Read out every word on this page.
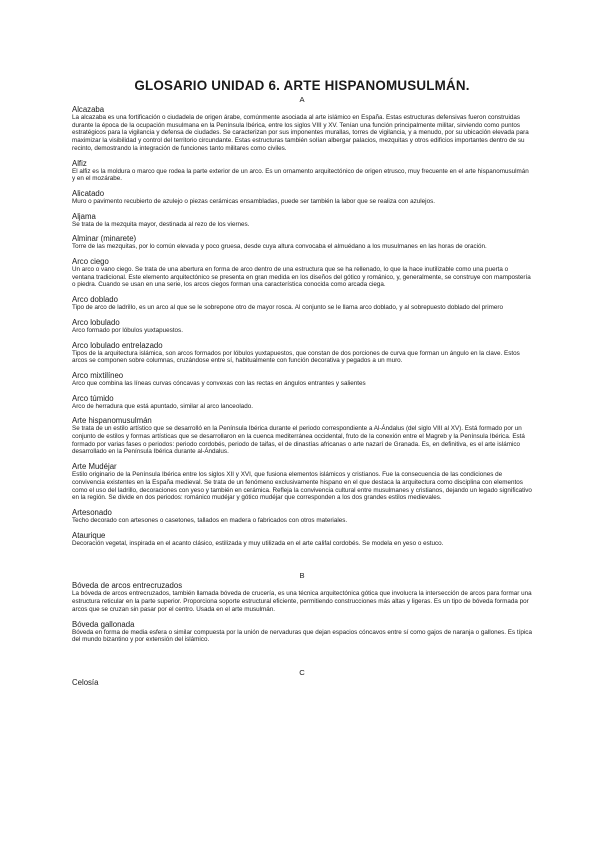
GLOSARIO UNIDAD 6. ARTE HISPANOMUSULMÁN.
A
Alcazaba
La alcazaba es una fortificación o ciudadela de origen árabe, comúnmente asociada al arte islámico en España. Estas estructuras defensivas fueron construidas durante la época de la ocupación musulmana en la Península Ibérica, entre los siglos VIII y XV. Tenían una función principalmente militar, sirviendo como puntos estratégicos para la vigilancia y defensa de ciudades. Se caracterizan por sus imponentes murallas, torres de vigilancia, y a menudo, por su ubicación elevada para maximizar la visibilidad y control del territorio circundante. Estas estructuras también solían albergar palacios, mezquitas y otros edificios importantes dentro de su recinto, demostrando la integración de funciones tanto militares como civiles.
Alfiz
El alfiz es la moldura o marco que rodea la parte exterior de un arco. Es un ornamento arquitectónico de origen etrusco, muy frecuente en el arte hispanomusulmán y en el mozárabe.
Alicatado
Muro o pavimento recubierto de azulejo o piezas cerámicas ensambladas, puede ser también la labor que se realiza con azulejos.
Aljama
Se trata de la mezquita mayor, destinada al rezo de los viernes.
Alminar (minarete)
Torre de las mezquitas, por lo común elevada y poco gruesa, desde cuya altura convocaba el almuédano a los musulmanes en las horas de oración.
Arco ciego
Un arco o vano ciego. Se trata de una abertura en forma de arco dentro de una estructura que se ha rellenado, lo que la hace inutilizable como una puerta o ventana tradicional. Este elemento arquitectónico se presenta en gran medida en los diseños del gótico y románico, y, generalmente, se construye con mampostería o piedra. Cuando se usan en una serie, los arcos ciegos forman una característica conocida como arcada ciega.
Arco doblado
Tipo de arco de ladrillo, es un arco al que se le sobrepone otro de mayor rosca. Al conjunto se le llama arco doblado, y al sobrepuesto doblado del primero
Arco lobulado
Arco formado por lóbulos yuxtapuestos.
Arco lobulado entrelazado
Tipos de la arquitectura islámica, son arcos formados por lóbulos yuxtapuestos, que constan de dos porciones de curva que forman un ángulo en la clave. Estos arcos se componen sobre columnas, cruzándose entre sí, habitualmente con función decorativa y pegados a un muro.
Arco mixtilíneo
Arco que combina las líneas curvas cóncavas y convexas con las rectas en ángulos entrantes y salientes
Arco túmido
Arco de herradura que está apuntado, similar al arco lanceolado.
Arte hispanomusulmán
Se trata de un estilo artístico que se desarrolló en la Península Ibérica durante el periodo correspondiente a Al-Ándalus (del siglo VIII al XV). Está formado por un conjunto de estilos y formas artísticas que se desarrollaron en la cuenca mediterránea occidental, fruto de la conexión entre el Magreb y la Península Ibérica. Está formado por varias fases o periodos: periodo cordobés, periodo de taifas, el de dinastías africanas o arte nazarí de Granada. Es, en definitiva, es el arte islámico desarrollado en la Península Ibérica durante al-Ándalus.
Arte Mudéjar
Estilo originario de la Península Ibérica entre los siglos XII y XVI, que fusiona elementos islámicos y cristianos. Fue la consecuencia de las condiciones de convivencia existentes en la España medieval. Se trata de un fenómeno exclusivamente hispano en el que destaca la arquitectura como disciplina con elementos como el uso del ladrillo, decoraciones con yeso y también en cerámica. Refleja la convivencia cultural entre musulmanes y cristianos, dejando un legado significativo en la región. Se divide en dos periodos: románico mudéjar y gótico mudéjar que corresponden a los dos grandes estilos medievales.
Artesonado
Techo decorado con artesones o casetones, tallados en madera o fabricados con otros materiales.
Ataurique
Decoración vegetal, inspirada en el acanto clásico, estilizada y muy utilizada en el arte califal cordobés. Se modela en yeso o estuco.
B
Bóveda de arcos entrecruzados
La bóveda de arcos entrecruzados, también llamada bóveda de crucería, es una técnica arquitectónica gótica que involucra la intersección de arcos para formar una estructura reticular en la parte superior. Proporciona soporte estructural eficiente, permitiendo construcciones más altas y ligeras. Es un tipo de bóveda formada por arcos que se cruzan sin pasar por el centro. Usada en el arte musulmán.
Bóveda gallonada
Bóveda en forma de media esfera o similar compuesta por la unión de nervaduras que dejan espacios cóncavos entre sí como gajos de naranja o gallones. Es típica del mundo bizantino y por extensión del islámico.
C
Celosía
